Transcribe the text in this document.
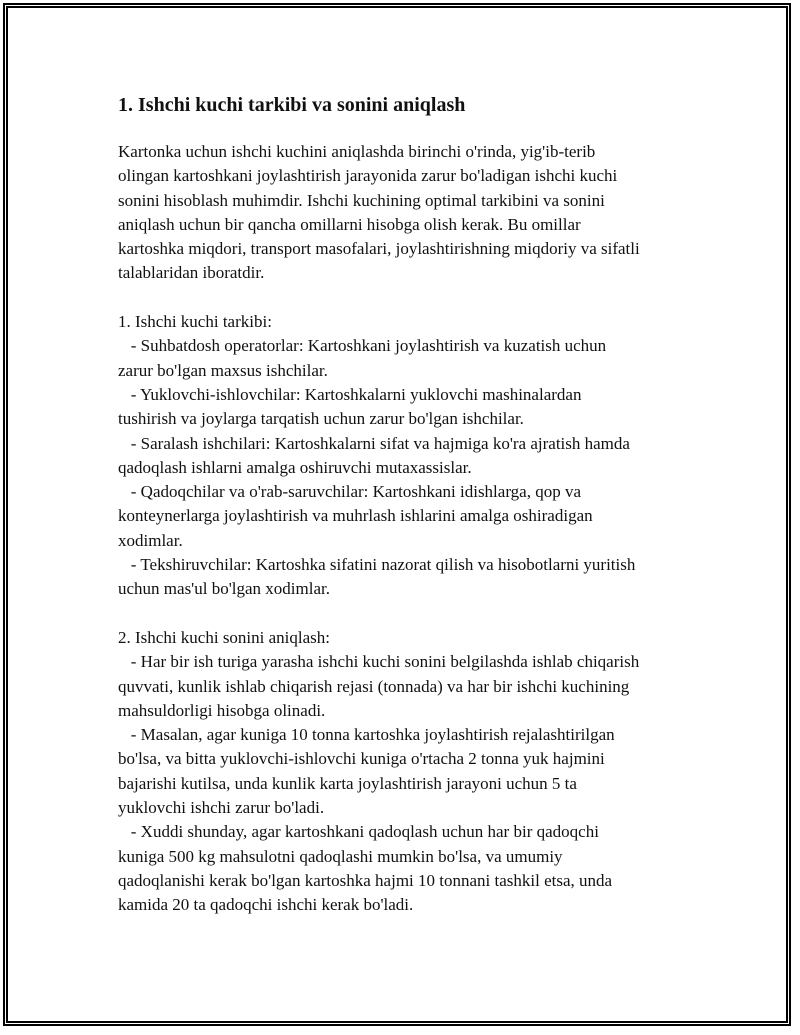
1. Ishchi kuchi tarkibi va sonini aniqlash
Kartonka uchun ishchi kuchini aniqlashda birinchi o'rinda, yig'ib-terib
olingan kartoshkani joylashtirish jarayonida zarur bo'ladigan ishchi kuchi
sonini hisoblash muhimdir. Ishchi kuchining optimal tarkibini va sonini
aniqlash uchun bir qancha omillarni hisobga olish kerak. Bu omillar
kartoshka miqdori, transport masofalari, joylashtirishning miqdoriy va sifatli
talablaridan iboratdir.

1. Ishchi kuchi tarkibi:
- Suhbatdosh operatorlar: Kartoshkani joylashtirish va kuzatish uchun
zarur bo'lgan maxsus ishchilar.
- Yuklovchi-ishlovchilar: Kartoshkalarni yuklovchi mashinalardan
tushirish va joylarga tarqatish uchun zarur bo'lgan ishchilar.
- Saralash ishchilari: Kartoshkalarni sifat va hajmiga ko'ra ajratish hamda
qadoqlash ishlarni amalga oshiruvchi mutaxassislar.
- Qadoqchilar va o'rab-saruvchilar: Kartoshkani idishlarga, qop va
konteynerlarga joylashtirish va muhrlash ishlarini amalga oshiradigan
xodimlar.
- Tekshiruvchilar: Kartoshka sifatini nazorat qilish va hisobotlarni yuritish
uchun mas'ul bo'lgan xodimlar.

2. Ishchi kuchi sonini aniqlash:
- Har bir ish turiga yarasha ishchi kuchi sonini belgilashda ishlab chiqarish
quvvati, kunlik ishlab chiqarish rejasi (tonnada) va har bir ishchi kuchining
mahsuldorligi hisobga olinadi.
- Masalan, agar kuniga 10 tonna kartoshka joylashtirish rejalashtirilgan
bo'lsa, va bitta yuklovchi-ishlovchi kuniga o'rtacha 2 tonna yuk hajmini
bajarishi kutilsa, unda kunlik karta joylashtirish jarayoni uchun 5 ta
yuklovchi ishchi zarur bo'ladi.
- Xuddi shunday, agar kartoshkani qadoqlash uchun har bir qadoqchi
kuniga 500 kg mahsulotni qadoqlashi mumkin bo'lsa, va umumiy
qadoqlanishi kerak bo'lgan kartoshka hajmi 10 tonnani tashkil etsa, unda
kamida 20 ta qadoqchi ishchi kerak bo'ladi.
